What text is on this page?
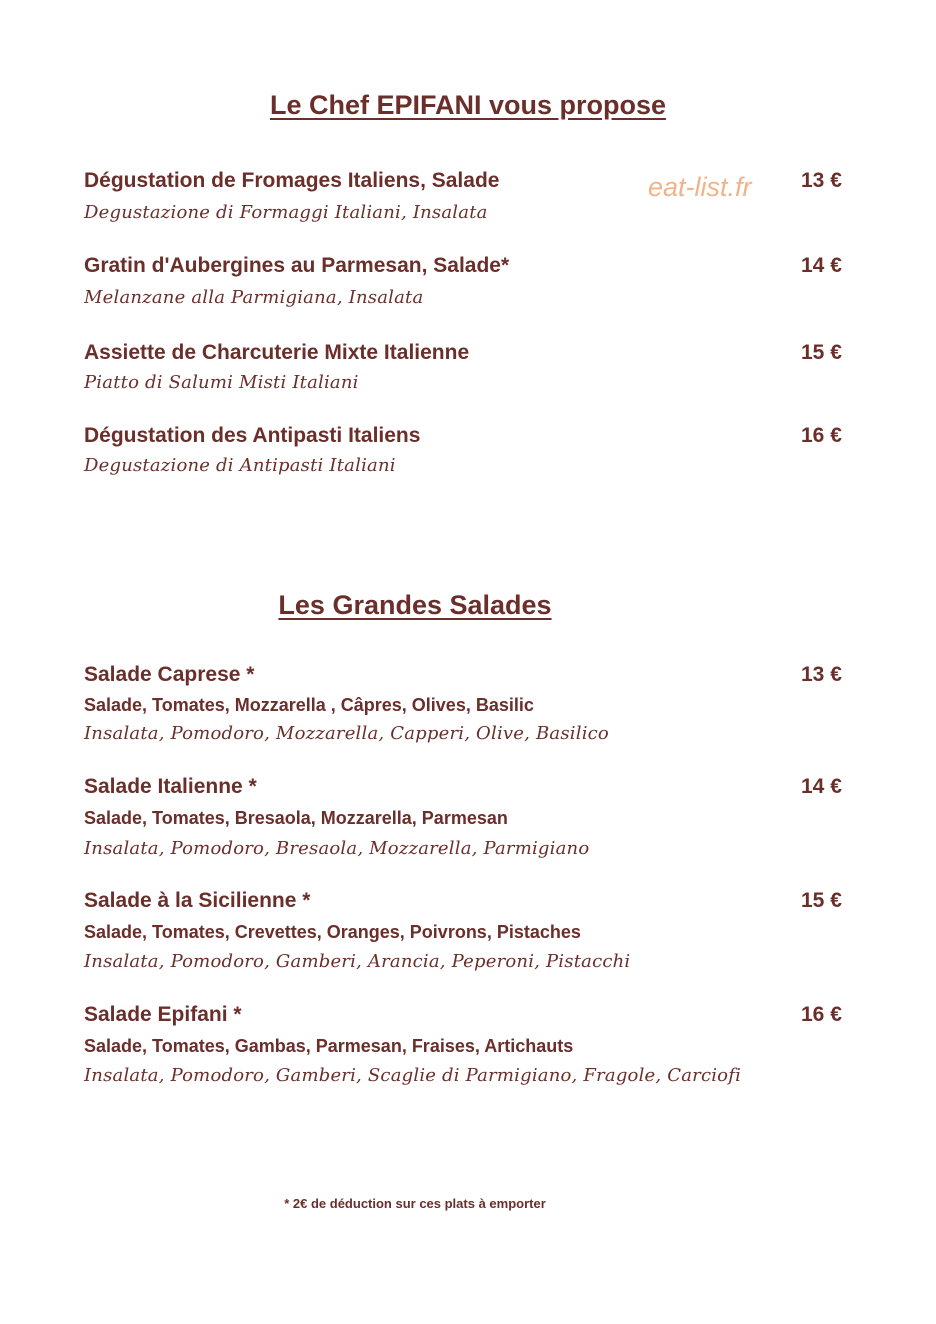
Le Chef EPIFANI vous propose
eat-list.fr
Dégustation de Fromages Italiens, Salade	13 €
Degustazione di Formaggi Italiani, Insalata
Gratin d'Aubergines au Parmesan, Salade*	14 €
Melanzane alla Parmigiana, Insalata
Assiette de Charcuterie Mixte Italienne	15 €
Piatto di Salumi Misti Italiani
Dégustation des Antipasti Italiens	16 €
Degustazione di Antipasti Italiani
Les Grandes Salades
Salade Caprese *	13 €
Salade, Tomates, Mozzarella , Câpres, Olives, Basilic
Insalata, Pomodoro, Mozzarella, Capperi, Olive, Basilico
Salade Italienne *	14 €
Salade, Tomates, Bresaola, Mozzarella, Parmesan
Insalata, Pomodoro, Bresaola, Mozzarella, Parmigiano
Salade à la Sicilienne *	15 €
Salade, Tomates, Crevettes, Oranges, Poivrons, Pistaches
Insalata, Pomodoro, Gamberi, Arancia, Peperoni, Pistacchi
Salade Epifani *	16 €
Salade, Tomates, Gambas, Parmesan, Fraises, Artichauts
Insalata, Pomodoro, Gamberi, Scaglie di Parmigiano, Fragole, Carciofi
* 2€ de déduction sur ces plats à emporter
